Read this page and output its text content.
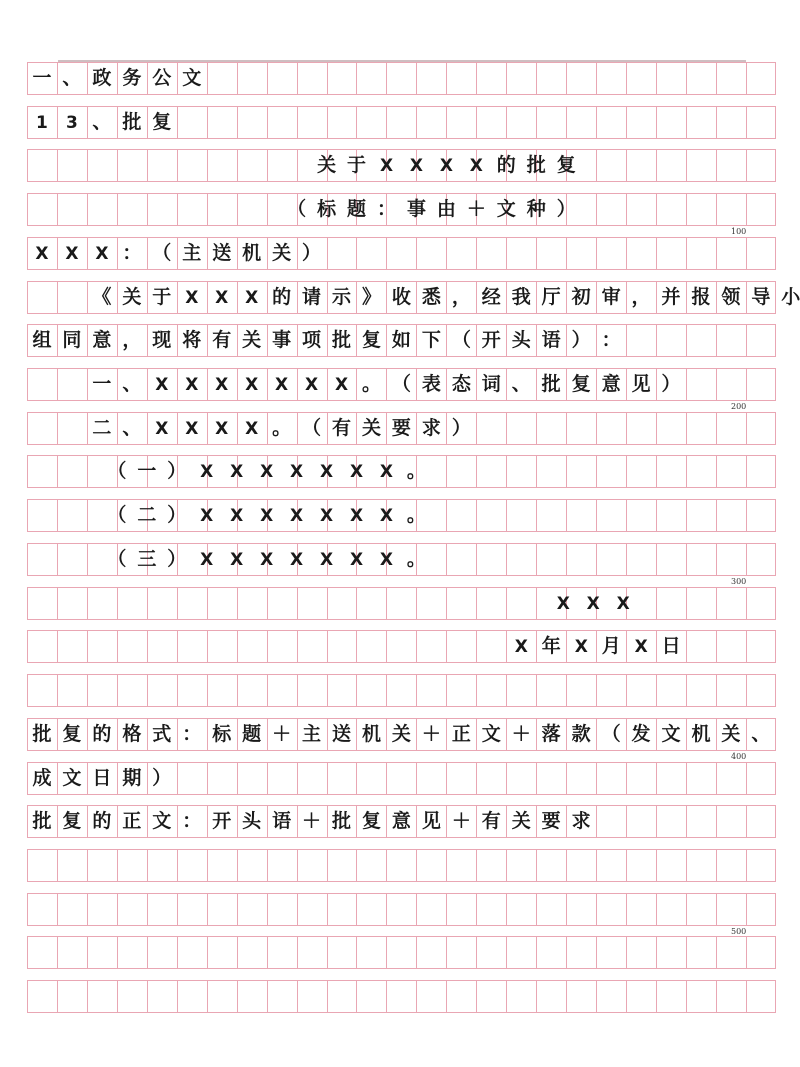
一 、 政 务 公 文
1 3 、 批 复
关 于 X X X X 的 批 复
（ 标 题 ： 事 由 ＋ 文 种 ）
X X X ： （ 主 送 机 关 ）
《 关 于 X X X 的 请 示 》 收 悉 ， 经 我 厅 初 审 ， 并 报 领 导 小
组 同 意 ， 现 将 有 关 事 项 批 复 如 下 （ 开 头 语 ） ：
一 、 X X X X X X X 。 （ 表 态 词 、 批 复 意 见 ）
二 、 X X X X 。 （ 有 关 要 求 ）
（ 一 ） X X X X X X X 。
（ 二 ） X X X X X X X 。
（ 三 ） X X X X X X X 。
X X X
X 年 X 月 X 日
批 复 的 格 式 ： 标 题 ＋ 主 送 机 关 ＋ 正 文 ＋ 落 款 （ 发 文 机 关 、
成 文 日 期 ）
批 复 的 正 文 ： 开 头 语 ＋ 批 复 意 见 ＋ 有 关 要 求
100
200
300
400
500
